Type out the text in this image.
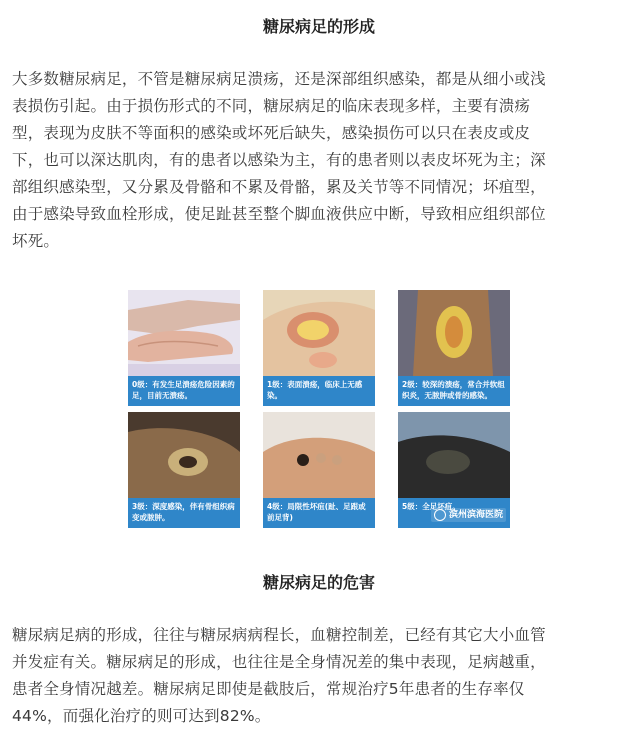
糖尿病足的形成
大多数糖尿病足，不管是糖尿病足溃疡，还是深部组织感染，都是从细小或浅
表损伤引起。由于损伤形式的不同，糖尿病足的临床表现多样，主要有溃疡
型，表现为皮肤不等面积的感染或坏死后缺失，感染损伤可以只在表皮或皮
下，也可以深达肌肉，有的患者以感染为主，有的患者则以表皮坏死为主；深
部组织感染型，又分累及骨骼和不累及骨骼，累及关节等不同情况；坏疽型，
由于感染导致血栓形成，使足趾甚至整个脚血液供应中断，导致相应组织部位
坏死。
0级：有发生足溃疡危险因素的足，目前无溃疡。
1级：表面溃疡，临床上无感染。
2级：较深的溃疡，常合并软组织炎，无脓肿或骨的感染。
3级：深度感染，伴有骨组织病变或脓肿。
4级：局限性坏疽(趾、足跟或前足背)
5级：全足坏疽。
滨州滨海医院
糖尿病足的危害
糖尿病足病的形成，往往与糖尿病病程长，血糖控制差，已经有其它大小血管
并发症有关。糖尿病足的形成，也往往是全身情况差的集中表现，足病越重，
患者全身情况越差。糖尿病足即使是截肢后，常规治疗5年患者的生存率仅
44%，而强化治疗的则可达到82%。
